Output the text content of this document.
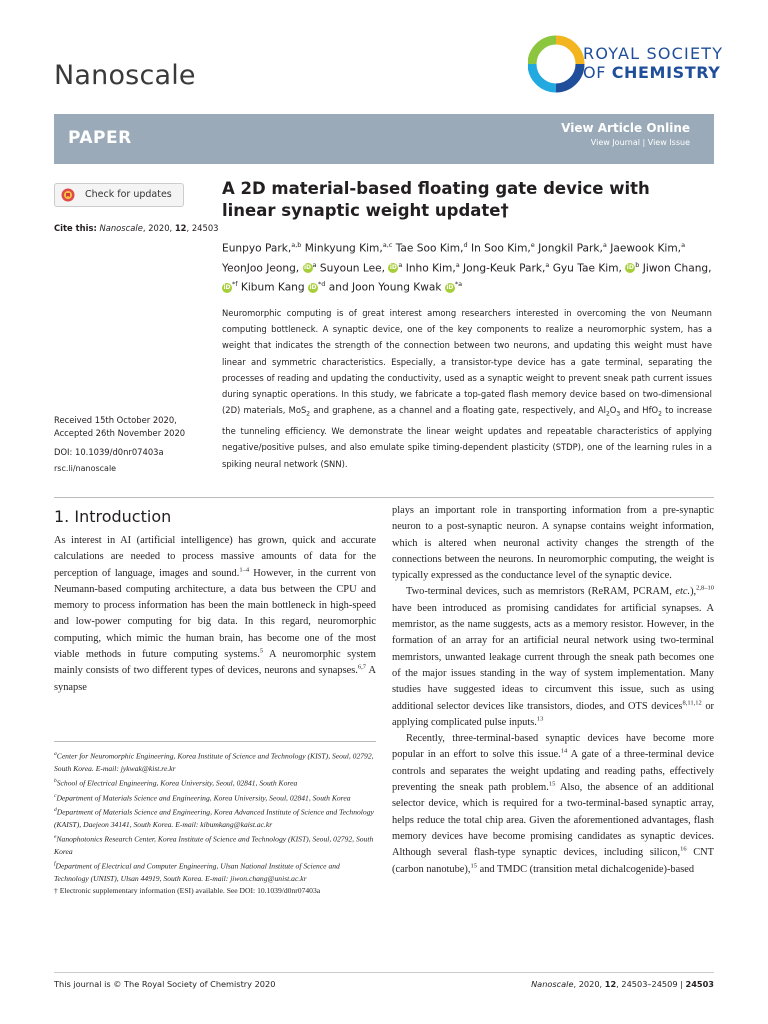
Nanoscale
ROYAL SOCIETY
OF CHEMISTRY
PAPER	View Article Online
View Journal | View Issue
Check for updates
Cite this: Nanoscale, 2020, 12, 24503
Received 15th October 2020,
Accepted 26th November 2020
DOI: 10.1039/d0nr07403a
rsc.li/nanoscale
A 2D material-based floating gate device with linear synaptic weight update†
Eunpyo Park,$^{a,b}$ Minkyung Kim,$^{a,c}$ Tae Soo Kim,$^d$ In Soo Kim,$^e$ Jongkil Park,$^a$ Jaewook Kim,$^a$ YeonJoo Jeong, $iD^a$ Suyoun Lee, $iD^a$ Inho Kim,$^a$ Jong-Keuk Park,$^a$ Gyu Tae Kim, $iD^b$ Jiwon Chang, $iD^{*f}$ Kibum Kang $iD^{*d}$ and Joon Young Kwak $iD^{*a}$
Neuromorphic computing is of great interest among researchers interested in overcoming the von Neumann computing bottleneck. A synaptic device, one of the key components to realize a neuromorphic system, has a weight that indicates the strength of the connection between two neurons, and updating this weight must have linear and symmetric characteristics. Especially, a transistor-type device has a gate terminal, separating the processes of reading and updating the conductivity, used as a synaptic weight to prevent sneak path current issues during synaptic operations. In this study, we fabricate a top-gated flash memory device based on two-dimensional (2D) materials, MoS$_2$ and graphene, as a channel and a floating gate, respectively, and $Al_2O_3$ and HfO$_2$ to increase the tunneling efficiency. We demonstrate the linear weight updates and repeatable characteristics of applying negative/positive pulses, and also emulate spike timing-dependent plasticity (STDP), one of the learning rules in a spiking neural network (SNN).
1. Introduction

As interest in AI (artificial intelligence) has grown, quick and accurate calculations are needed to process massive amounts of data for the perception of language, images and sound.$^{1-4}$ However, in the current von Neumann-based computing architecture, a data bus between the CPU and memory to process information has been the main bottleneck in high-speed and low-power computing for big data. In this regard, neuromorphic computing, which mimic the human brain, has become one of the most viable methods in future computing systems.$^5$ A neuromorphic system mainly consists of two different types of devices, neurons and synapses.$^{6,7}$ A synapse

$^a$Center for Neuromorphic Engineering, Korea Institute of Science and Technology (KIST), Seoul, 02792, South Korea. E-mail: jykwak@kist.re.kr

$^b$School of Electrical Engineering, Korea University, Seoul, 02841, South Korea

$^c$Department of Materials Science and Engineering, Korea University, Seoul, 02841, South Korea

$^d$Department of Materials Science and Engineering, Korea Advanced Institute of Science and Technology (KAIST), Daejeon 34141, South Korea. E-mail: kibumkang@kaist.ac.kr

$^e$Nanophotonics Research Center, Korea Institute of Science and Technology (KIST), Seoul, 02792, South Korea

$^f$Department of Electrical and Computer Engineering, Ulsan National Institute of Science and Technology (UNIST), Ulsan 44919, South Korea. E-mail: jiwon.chang@unist.ac.kr

† Electronic supplementary information (ESI) available. See DOI: 10.1039/d0nr07403a

plays an important role in transporting information from a pre-synaptic neuron to a post-synaptic neuron. A synapse contains weight information, which is altered when neuronal activity changes the strength of the connections between the neurons. In neuromorphic computing, the weight is typically expressed as the conductance level of the synaptic device.

Two-terminal devices, such as memristors (ReRAM, PCRAM, etc.),$^{2,8-10}$ have been introduced as promising candidates for artificial synapses. A memristor, as the name suggests, acts as a memory resistor. However, in the formation of an array for an artificial neural network using two-terminal memristors, unwanted leakage current through the sneak path becomes one of the major issues standing in the way of system implementation. Many studies have suggested ideas to circumvent this issue, such as using additional selector devices like transistors, diodes, and OTS devices$^{8,11,12}$ or applying complicated pulse inputs.$^{13}$

Recently, three-terminal-based synaptic devices have become more popular in an effort to solve this issue.$^{14}$ A gate of a three-terminal device controls and separates the weight updating and reading paths, effectively preventing the sneak path problem.$^{15}$ Also, the absence of an additional selector device, which is required for a two-terminal-based synaptic array, helps reduce the total chip area. Given the aforementioned advantages, flash memory devices have become promising candidates as synaptic devices. Although several flash-type synaptic devices, including silicon,$^{16}$ CNT (carbon nanotube),$^{15}$ and TMDC (transition metal dichalcogenide)-based

This journal is © The Royal Society of Chemistry 2020	Nanoscale, 2020, 12, 24503–24509 | 24503
